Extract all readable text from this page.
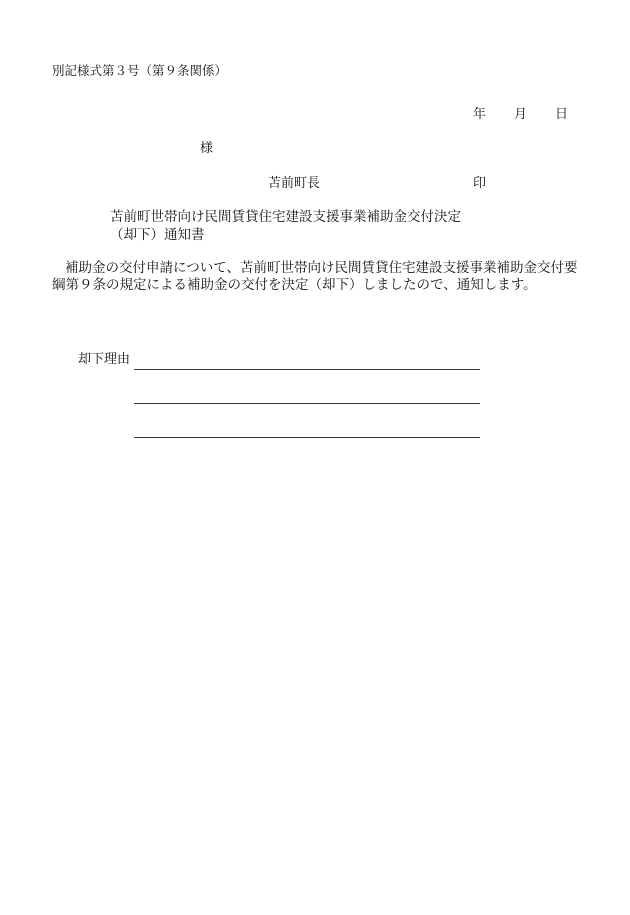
別記様式第３号（第９条関係）
年 月 日
様
苫前町長	印
苫前町世帯向け民間賃貸住宅建設支援事業補助金交付決定
（却下）通知書
補助金の交付申請について、苫前町世帯向け民間賃貸住宅建設支援事業補助金交付要綱第９条の規定による補助金の交付を決定（却下）しましたので、通知します。
却下理由
